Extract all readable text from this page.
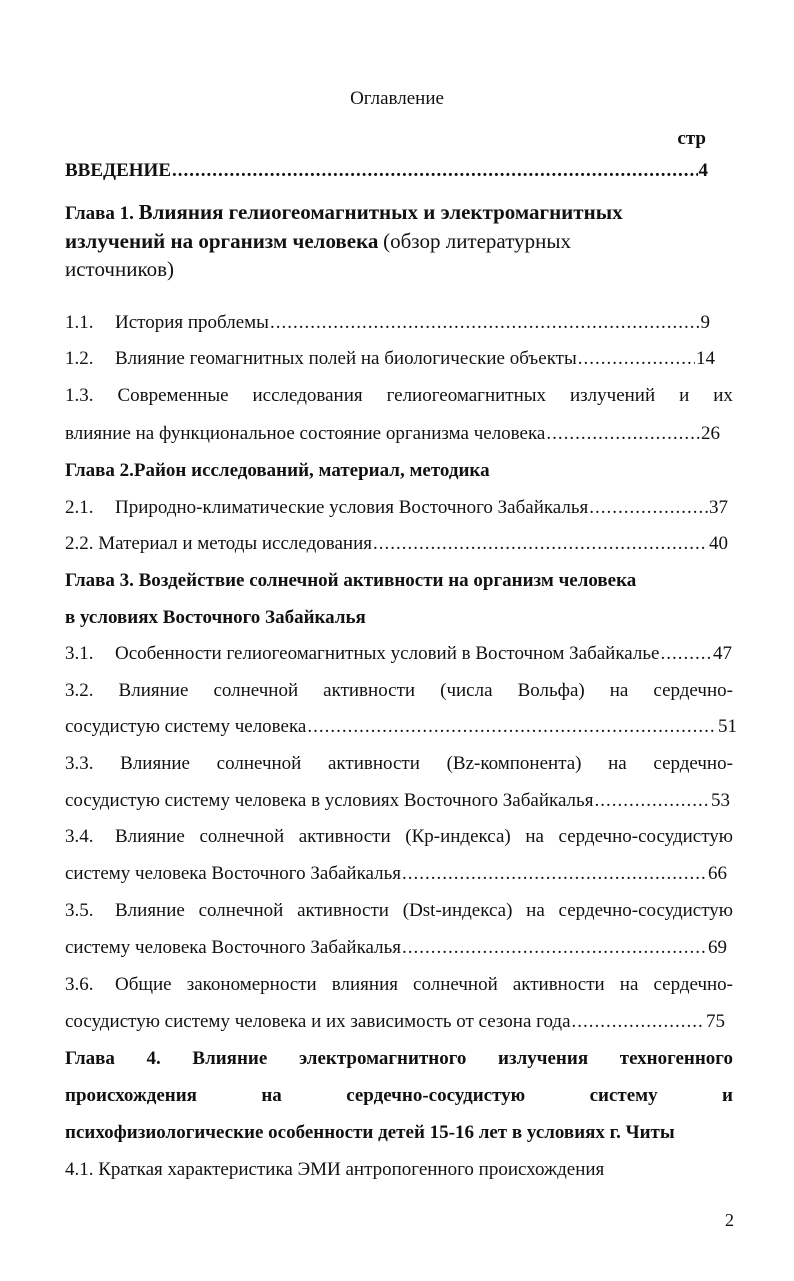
Оглавление
стр
ВВЕДЕНИЕ .....	4
Глава 1. Влияния гелиогеомагнитных и электромагнитных
излучений на организм человека (обзор литературных
источников)
1.1. История проблемы .....	9
1.2. Влияние геомагнитных полей на биологические объекты .....	14
1.3. Современные исследования гелиогеомагнитных излучений и их
влияние на функциональное состояние организма человека .....	26
Глава 2.Район исследований, материал, методика
2.1. Природно-климатические условия Восточного Забайкалья .....	37
2.2. Материал и методы исследования .....	40
Глава 3. Воздействие солнечной активности на организм человека
в условиях Восточного Забайкалья
3.1. Особенности гелиогеомагнитных условий в Восточном Забайкалье .....	47
3.2. Влияние солнечной активности (числа Вольфа) на сердечно-
сосудистую систему человека .....	51
3.3. Влияние солнечной активности (Bz-компонента) на сердечно-
сосудистую систему человека в условиях Восточного Забайкалья .....	53
3.4.	Влияние солнечной активности (Кр-индекса) на сердечно-сосудистую
систему человека Восточного Забайкалья .....	66
3.5.	Влияние солнечной активности (Dst-индекса) на сердечно-сосудистую
систему человека Восточного Забайкалья .....	69
3.6.	Общие закономерности влияния солнечной активности на сердечно-
сосудистую систему человека и их зависимость от сезона года .....	75
Глава 4. Влияние электромагнитного излучения техногенного
происхождения	на	сердечно-сосудистую	систему	и
психофизиологические особенности детей 15-16 лет в условиях г. Читы
4.1. Краткая характеристика ЭМИ антропогенного происхождения
2
